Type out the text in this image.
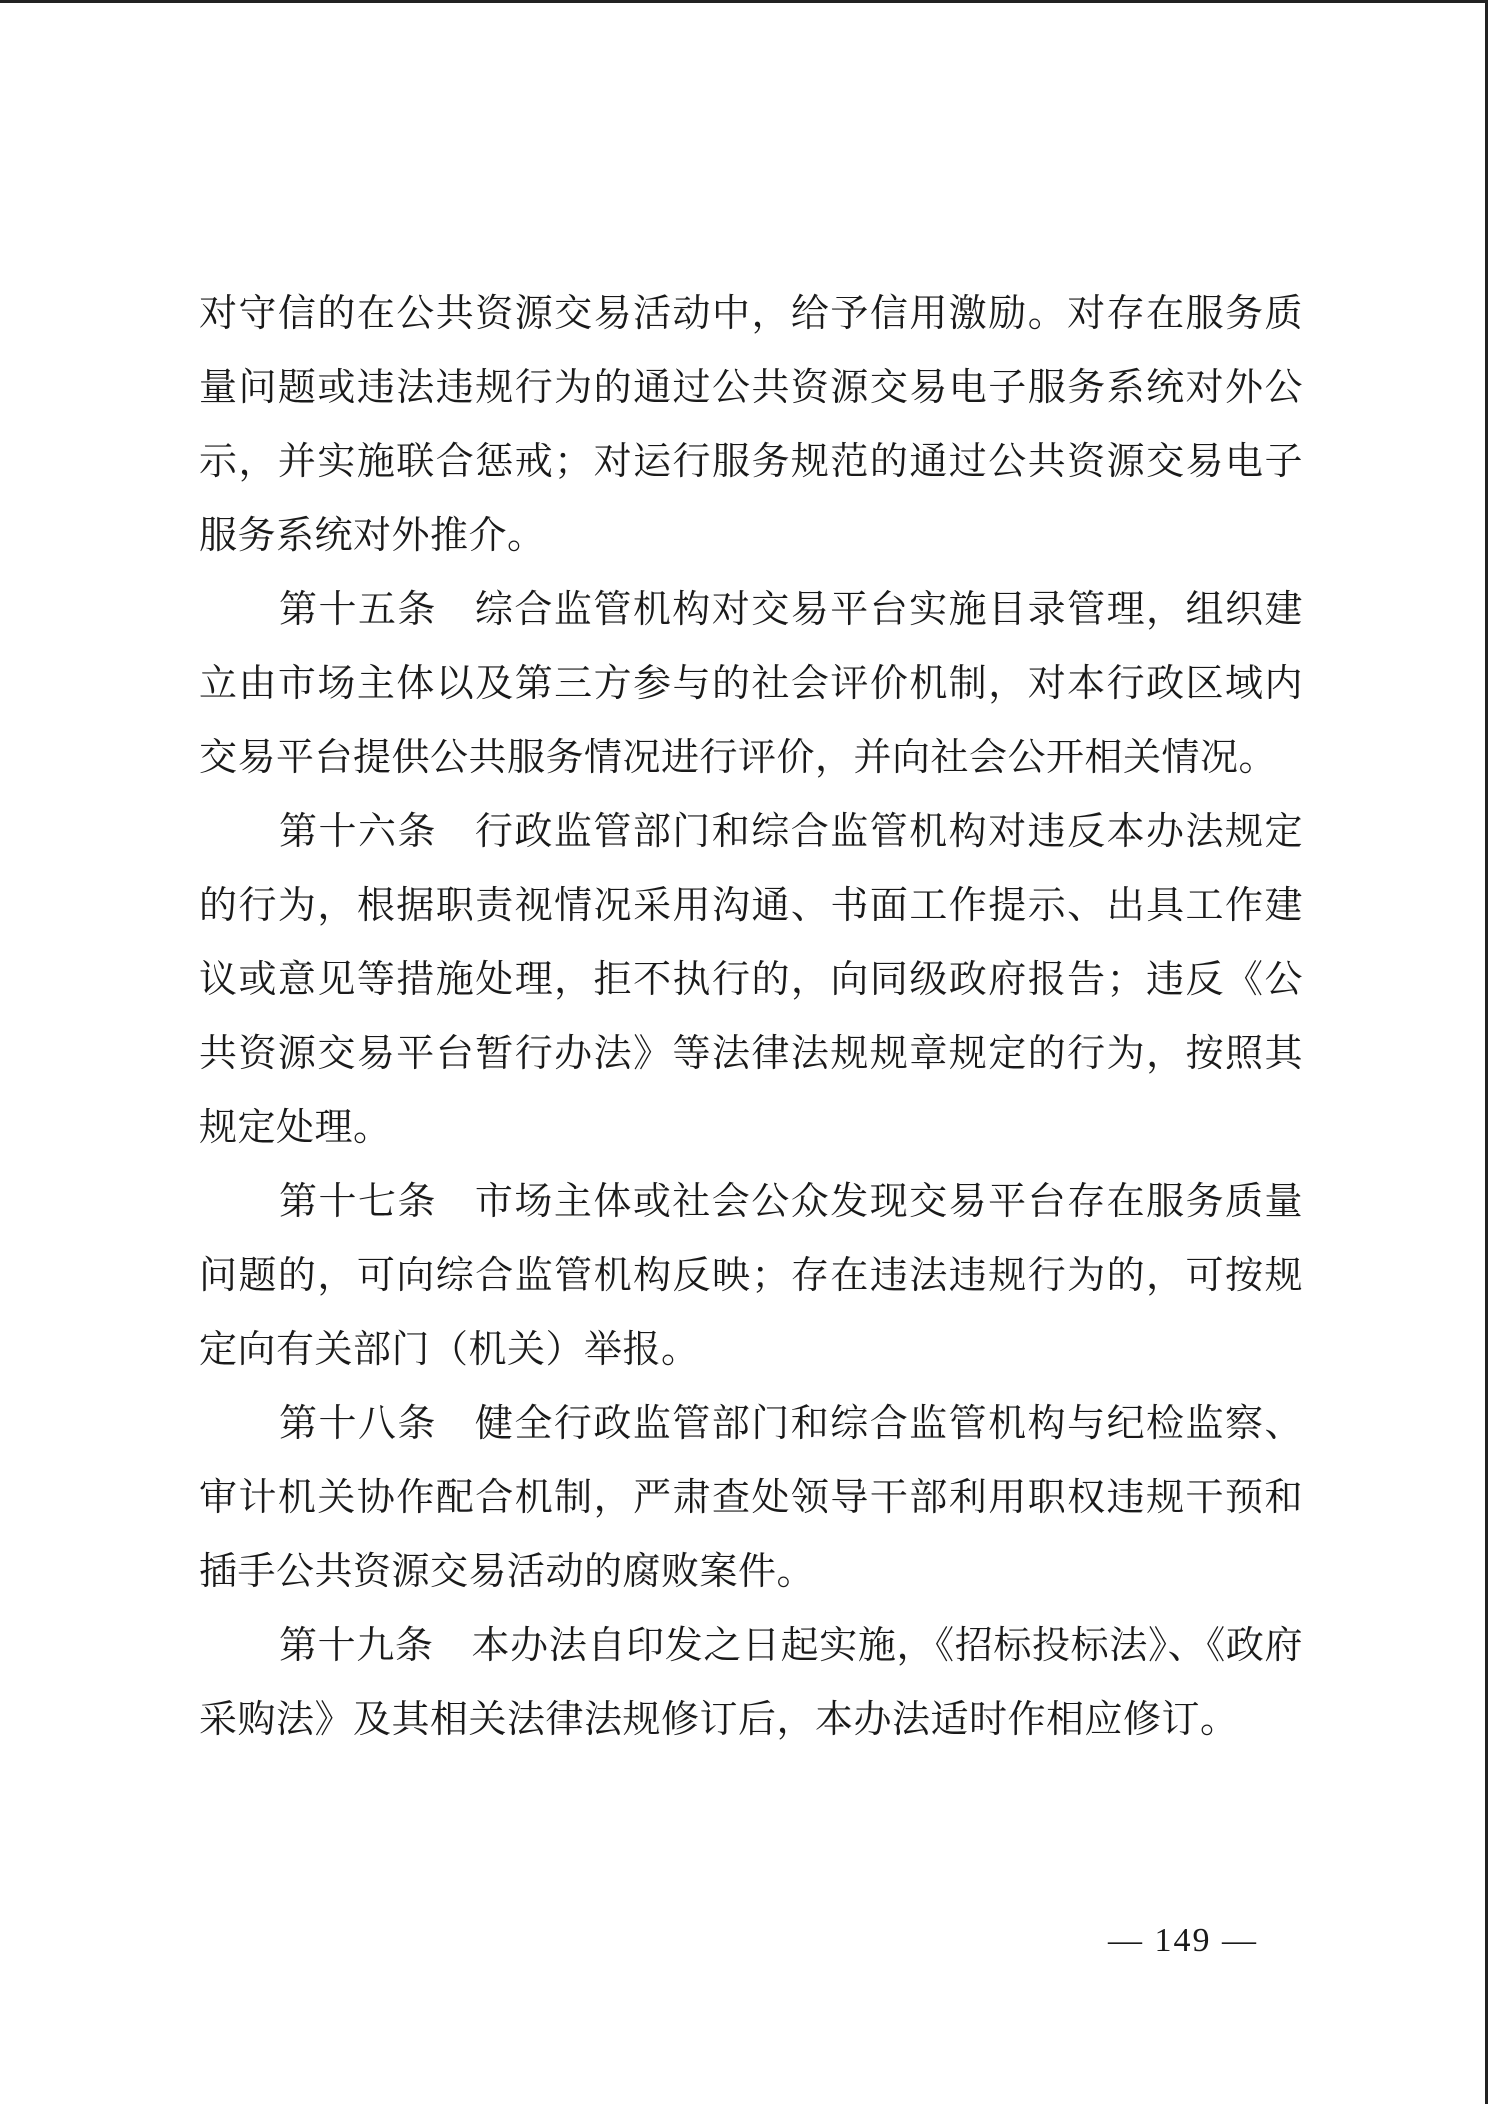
对守信的在公共资源交易活动中，给予信用激励。对存在服务质量问题或违法违规行为的通过公共资源交易电子服务系统对外公示，并实施联合惩戒；对运行服务规范的通过公共资源交易电子服务系统对外推介。

第十五条 综合监管机构对交易平台实施目录管理，组织建立由市场主体以及第三方参与的社会评价机制，对本行政区域内交易平台提供公共服务情况进行评价，并向社会公开相关情况。

第十六条 行政监管部门和综合监管机构对违反本办法规定的行为，根据职责视情况采用沟通、书面工作提示、出具工作建议或意见等措施处理，拒不执行的，向同级政府报告；违反《公共资源交易平台暂行办法》等法律法规规章规定的行为，按照其规定处理。

第十七条 市场主体或社会公众发现交易平台存在服务质量问题的，可向综合监管机构反映；存在违法违规行为的，可按规定向有关部门（机关）举报。

第十八条 健全行政监管部门和综合监管机构与纪检监察、审计机关协作配合机制，严肃查处领导干部利用职权违规干预和插手公共资源交易活动的腐败案件。

第十九条 本办法自印发之日起实施，《招标投标法》、《政府采购法》及其相关法律法规修订后，本办法适时作相应修订。

— 149 —
